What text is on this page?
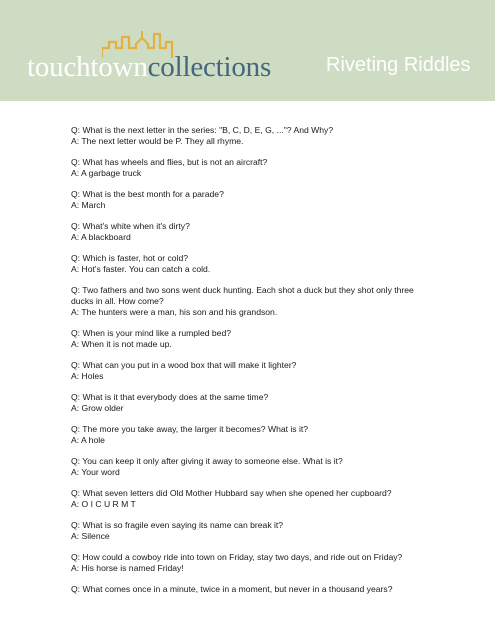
touchtowncollections	Riveting Riddles
Q: What is the next letter in the series: "B, C, D, E, G, ..."? And Why?
A: The next letter would be P. They all rhyme.
Q: What has wheels and flies, but is not an aircraft?
A: A garbage truck
Q: What is the best month for a parade?
A: March
Q: What's white when it's dirty?
A: A blackboard
Q: Which is faster, hot or cold?
A: Hot's faster. You can catch a cold.
Q: Two fathers and two sons went duck hunting. Each shot a duck but they shot only three ducks in all. How come?
A: The hunters were a man, his son and his grandson.
Q: When is your mind like a rumpled bed?
A: When it is not made up.
Q: What can you put in a wood box that will make it lighter?
A: Holes
Q: What is it that everybody does at the same time?
A: Grow older
Q: The more you take away, the larger it becomes? What is it?
A: A hole
Q: You can keep it only after giving it away to someone else. What is it?
A: Your word
Q: What seven letters did Old Mother Hubbard say when she opened her cupboard?
A: O I C U R M T
Q: What is so fragile even saying its name can break it?
A: Silence
Q: How could a cowboy ride into town on Friday, stay two days, and ride out on Friday?
A: His horse is named Friday!
Q: What comes once in a minute, twice in a moment, but never in a thousand years?
